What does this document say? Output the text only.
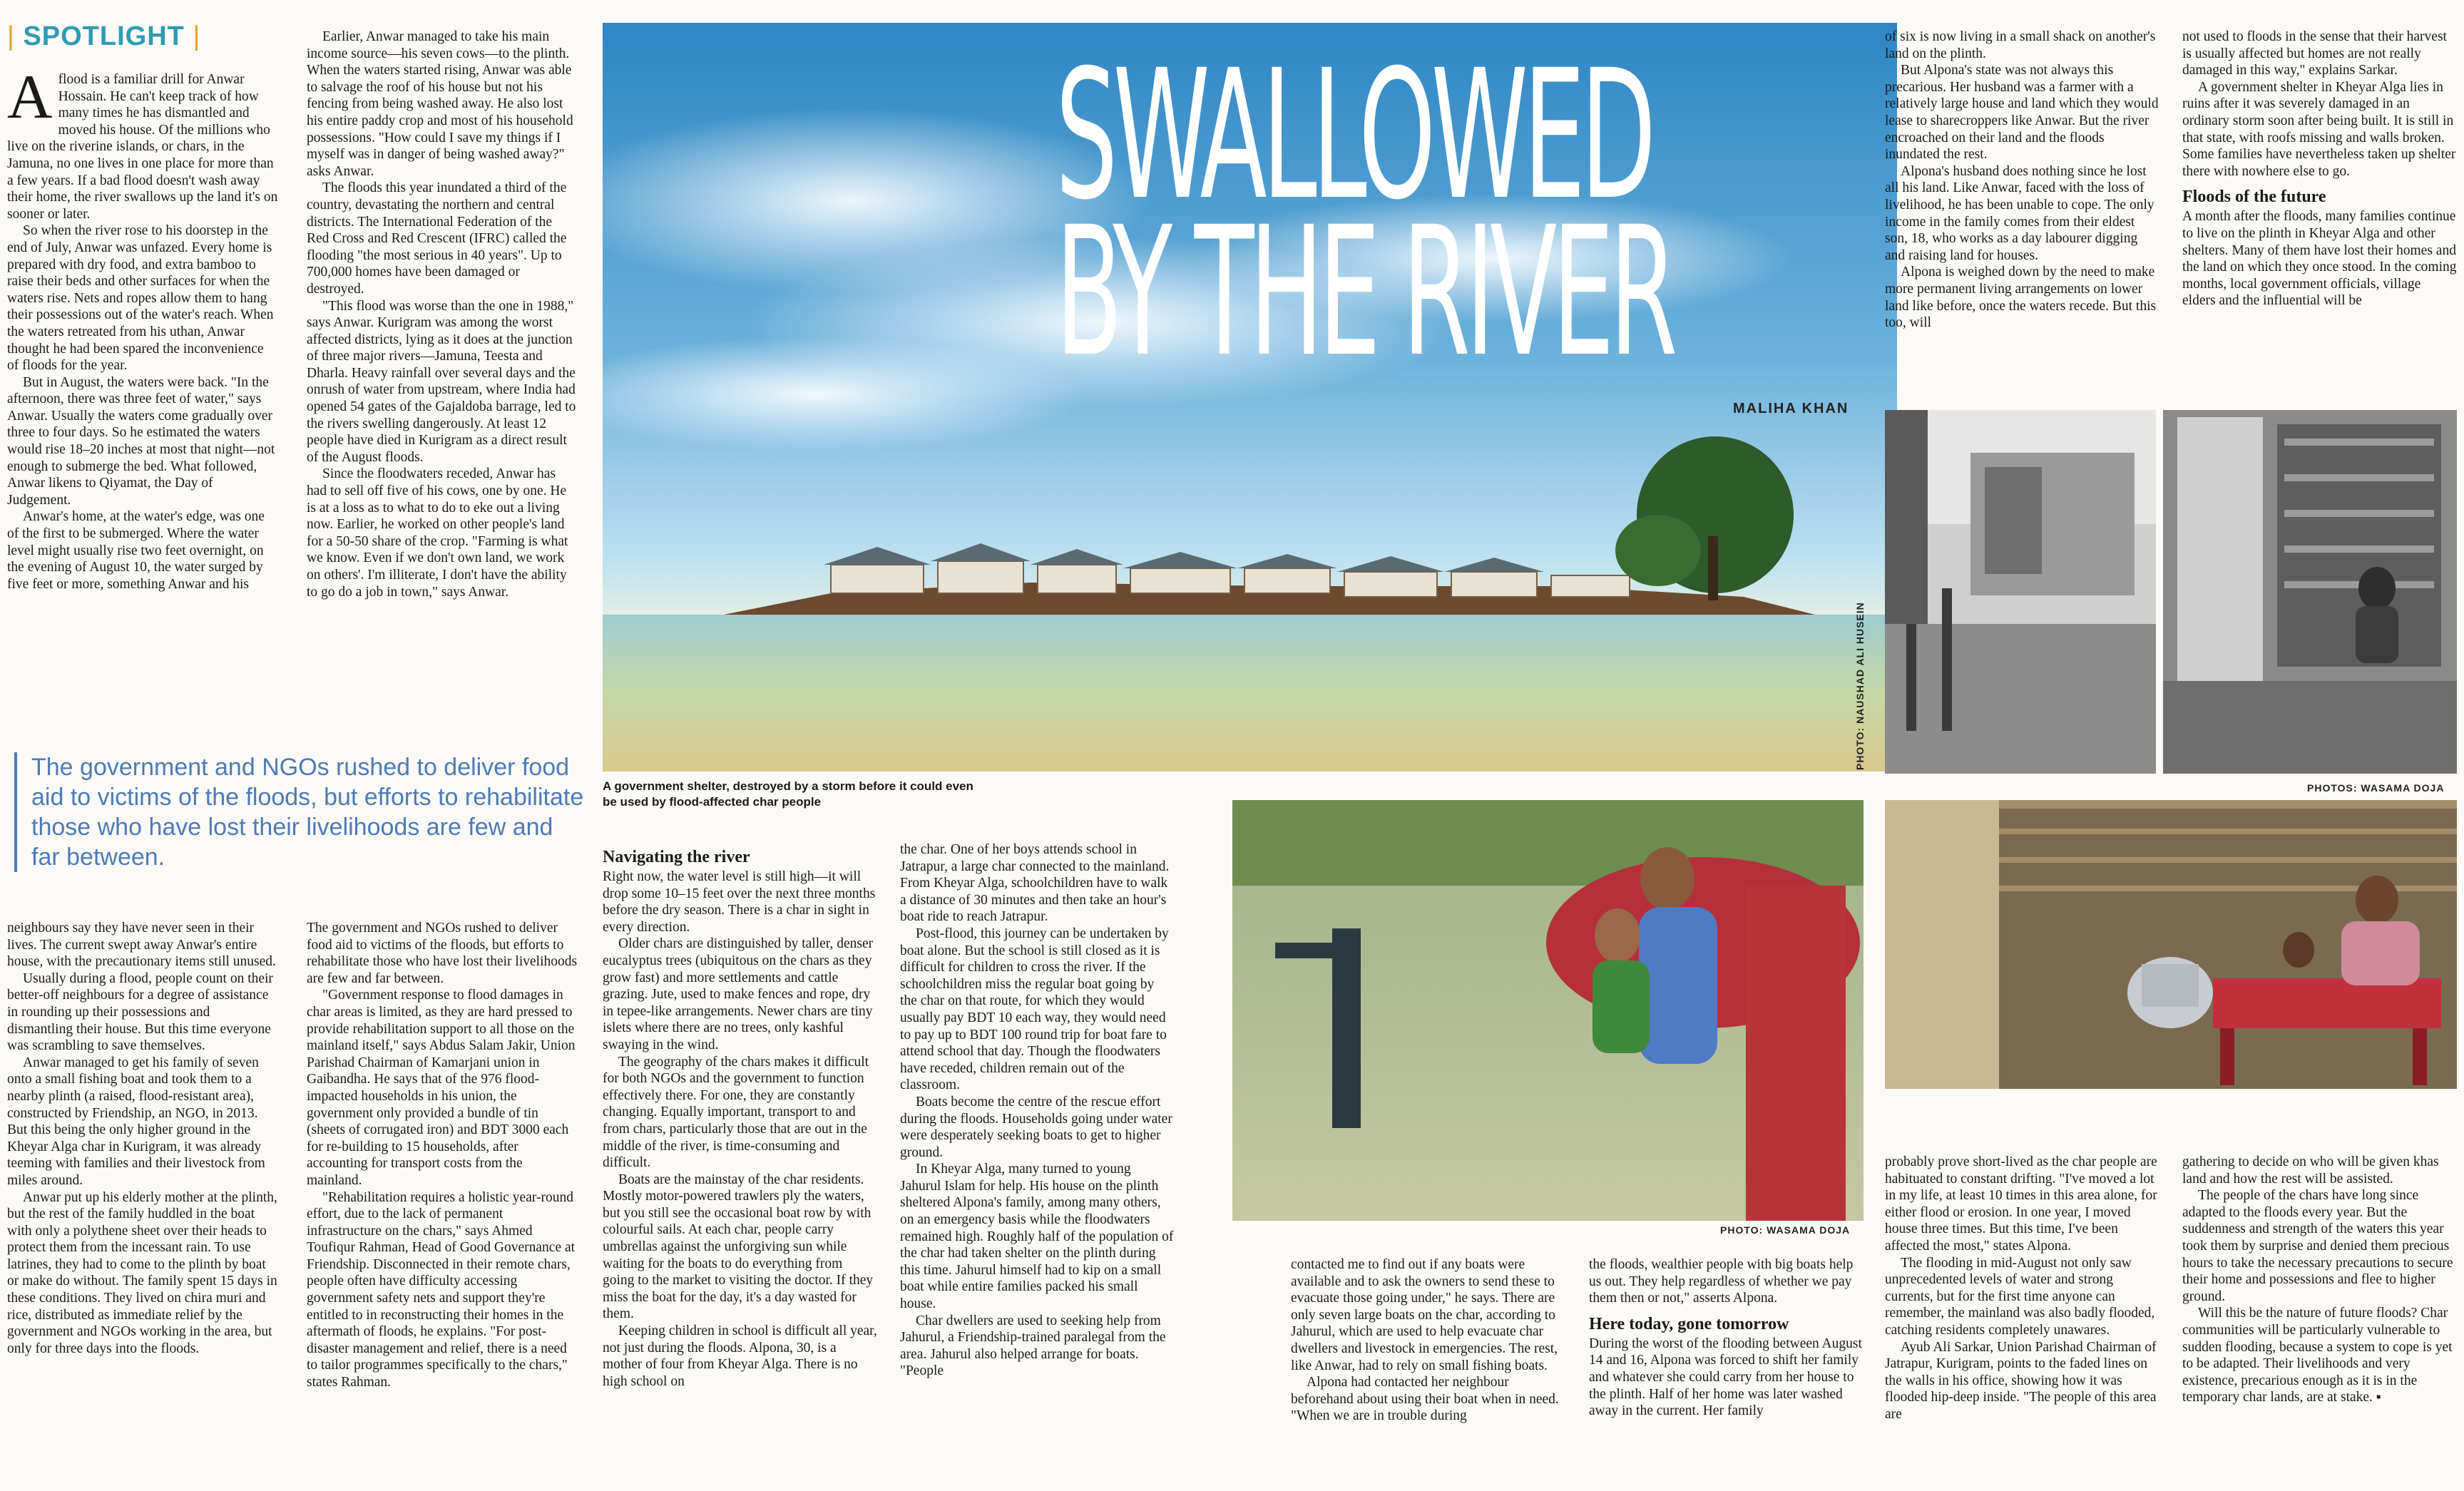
| SPOTLIGHT |

Aflood is a familiar drill for Anwar Hossain. He can't keep track of how many times he has dismantled and moved his house. Of the millions who live on the riverine islands, or chars, in the Jamuna, no one lives in one place for more than a few years. If a bad flood doesn't wash away their home, the river swallows up the land it's on sooner or later.

So when the river rose to his doorstep in the end of July, Anwar was unfazed. Every home is prepared with dry food, and extra bamboo to raise their beds and other surfaces for when the waters rise. Nets and ropes allow them to hang their possessions out of the water's reach. When the waters retreated from his uthan, Anwar thought he had been spared the inconvenience of floods for the year.

But in August, the waters were back. "In the afternoon, there was three feet of water," says Anwar. Usually the waters come gradually over three to four days. So he estimated the waters would rise 18–20 inches at most that night—not enough to submerge the bed. What followed, Anwar likens to Qiyamat, the Day of Judgement.

Anwar's home, at the water's edge, was one of the first to be submerged. Where the water level might usually rise two feet overnight, on the evening of August 10, the water surged by five feet or more, something Anwar and his

Earlier, Anwar managed to take his main income source—his seven cows—to the plinth. When the waters started rising, Anwar was able to salvage the roof of his house but not his fencing from being washed away. He also lost his entire paddy crop and most of his household possessions. "How could I save my things if I myself was in danger of being washed away?" asks Anwar.

The floods this year inundated a third of the country, devastating the northern and central districts. The International Federation of the Red Cross and Red Crescent (IFRC) called the flooding "the most serious in 40 years". Up to 700,000 homes have been damaged or destroyed.

"This flood was worse than the one in 1988," says Anwar. Kurigram was among the worst affected districts, lying as it does at the junction of three major rivers—Jamuna, Teesta and Dharla. Heavy rainfall over several days and the onrush of water from upstream, where India had opened 54 gates of the Gajaldoba barrage, led to the rivers swelling dangerously. At least 12 people have died in Kurigram as a direct result of the August floods.

Since the floodwaters receded, Anwar has had to sell off five of his cows, one by one. He is at a loss as to what to do to eke out a living now. Earlier, he worked on other people's land for a 50-50 share of the crop. "Farming is what we know. Even if we don't own land, we work on others'. I'm illiterate, I don't have the ability to go do a job in town," says Anwar.

The government and NGOs rushed to deliver food aid to victims of the floods, but efforts to rehabilitate those who have lost their livelihoods are few and far between.

neighbours say they have never seen in their lives. The current swept away Anwar's entire house, with the precautionary items still unused.

Usually during a flood, people count on their better-off neighbours for a degree of assistance in rounding up their possessions and dismantling their house. But this time everyone was scrambling to save themselves.

Anwar managed to get his family of seven onto a small fishing boat and took them to a nearby plinth (a raised, flood-resistant area), constructed by Friendship, an NGO, in 2013. But this being the only higher ground in the Kheyar Alga char in Kurigram, it was already teeming with families and their livestock from miles around.

Anwar put up his elderly mother at the plinth, but the rest of the family huddled in the boat with only a polythene sheet over their heads to protect them from the incessant rain. To use latrines, they had to come to the plinth by boat or make do without. The family spent 15 days in these conditions. They lived on chira muri and rice, distributed as immediate relief by the government and NGOs working in the area, but only for three days into the floods.

The government and NGOs rushed to deliver food aid to victims of the floods, but efforts to rehabilitate those who have lost their livelihoods are few and far between.

"Government response to flood damages in char areas is limited, as they are hard pressed to provide rehabilitation support to all those on the mainland itself," says Abdus Salam Jakir, Union Parishad Chairman of Kamarjani union in Gaibandha. He says that of the 976 flood-impacted households in his union, the government only provided a bundle of tin (sheets of corrugated iron) and BDT 3000 each for re-building to 15 households, after accounting for transport costs from the mainland.

"Rehabilitation requires a holistic year-round effort, due to the lack of permanent infrastructure on the chars," says Ahmed Toufiqur Rahman, Head of Good Governance at Friendship. Disconnected in their remote chars, people often have difficulty accessing government safety nets and support they're entitled to in reconstructing their homes in the aftermath of floods, he explains. "For post-disaster management and relief, there is a need to tailor programmes specifically to the chars," states Rahman.

SWALLOWED
BY THE RIVER
MALIHA KHAN
PHOTO: NAUSHAD ALI HUSEIN
A government shelter, destroyed by a storm before it could even be used by flood-affected char people
Navigating the river

Right now, the water level is still high—it will drop some 10–15 feet over the next three months before the dry season. There is a char in sight in every direction.

Older chars are distinguished by taller, denser eucalyptus trees (ubiquitous on the chars as they grow fast) and more settlements and cattle grazing. Jute, used to make fences and rope, dry in tepee-like arrangements. Newer chars are tiny islets where there are no trees, only kashful swaying in the wind.

The geography of the chars makes it difficult for both NGOs and the government to function effectively there. For one, they are constantly changing. Equally important, transport to and from chars, particularly those that are out in the middle of the river, is time-consuming and difficult.

Boats are the mainstay of the char residents. Mostly motor-powered trawlers ply the waters, but you still see the occasional boat row by with colourful sails. At each char, people carry umbrellas against the unforgiving sun while waiting for the boats to do everything from going to the market to visiting the doctor. If they miss the boat for the day, it's a day wasted for them.

Keeping children in school is difficult all year, not just during the floods. Alpona, 30, is a mother of four from Kheyar Alga. There is no high school on

the char. One of her boys attends school in Jatrapur, a large char connected to the mainland. From Kheyar Alga, schoolchildren have to walk a distance of 30 minutes and then take an hour's boat ride to reach Jatrapur.

Post-flood, this journey can be undertaken by boat alone. But the school is still closed as it is difficult for children to cross the river. If the schoolchildren miss the regular boat going by the char on that route, for which they would usually pay BDT 10 each way, they would need to pay up to BDT 100 round trip for boat fare to attend school that day. Though the floodwaters have receded, children remain out of the classroom.

Boats become the centre of the rescue effort during the floods. Households going under water were desperately seeking boats to get to higher ground.

In Kheyar Alga, many turned to young Jahurul Islam for help. His house on the plinth sheltered Alpona's family, among many others, on an emergency basis while the floodwaters remained high. Roughly half of the population of the char had taken shelter on the plinth during this time. Jahurul himself had to kip on a small boat while entire families packed his small house.

Char dwellers are used to seeking help from Jahurul, a Friendship-trained paralegal from the area. Jahurul also helped arrange for boats. "People

PHOTO: WASAMA DOJA

contacted me to find out if any boats were available and to ask the owners to send these to evacuate those going under," he says. There are only seven large boats on the char, according to Jahurul, which are used to help evacuate char dwellers and livestock in emergencies. The rest, like Anwar, had to rely on small fishing boats.

Alpona had contacted her neighbour beforehand about using their boat when in need. "When we are in trouble during

the floods, wealthier people with big boats help us out. They help regardless of whether we pay them then or not," asserts Alpona.

Here today, gone tomorrow

During the worst of the flooding between August 14 and 16, Alpona was forced to shift her family and whatever she could carry from her house to the plinth. Half of her home was later washed away in the current. Her family

of six is now living in a small shack on another's land on the plinth.

But Alpona's state was not always this precarious. Her husband was a farmer with a relatively large house and land which they would lease to sharecroppers like Anwar. But the river encroached on their land and the floods inundated the rest.

Alpona's husband does nothing since he lost all his land. Like Anwar, faced with the loss of livelihood, he has been unable to cope. The only income in the family comes from their eldest son, 18, who works as a day labourer digging and raising land for houses.

Alpona is weighed down by the need to make more permanent living arrangements on lower land like before, once the waters recede. But this too, will

not used to floods in the sense that their harvest is usually affected but homes are not really damaged in this way," explains Sarkar.

A government shelter in Kheyar Alga lies in ruins after it was severely damaged in an ordinary storm soon after being built. It is still in that state, with roofs missing and walls broken. Some families have nevertheless taken up shelter there with nowhere else to go.

Floods of the future

A month after the floods, many families continue to live on the plinth in Kheyar Alga and other shelters. Many of them have lost their homes and the land on which they once stood. In the coming months, local government officials, village elders and the influential will be

PHOTOS: WASAMA DOJA

probably prove short-lived as the char people are habituated to constant drifting. "I've moved a lot in my life, at least 10 times in this area alone, for either flood or erosion. In one year, I moved house three times. But this time, I've been affected the most," states Alpona.

The flooding in mid-August not only saw unprecedented levels of water and strong currents, but for the first time anyone can remember, the mainland was also badly flooded, catching residents completely unawares.

Ayub Ali Sarkar, Union Parishad Chairman of Jatrapur, Kurigram, points to the faded lines on the walls in his office, showing how it was flooded hip-deep inside. "The people of this area are

gathering to decide on who will be given khas land and how the rest will be assisted.

The people of the chars have long since adapted to the floods every year. But the suddenness and strength of the waters this year took them by surprise and denied them precious hours to take the necessary precautions to secure their home and possessions and flee to higher ground.

Will this be the nature of future floods? Char communities will be particularly vulnerable to sudden flooding, because a system to cope is yet to be adapted. Their livelihoods and very existence, precarious enough as it is in the temporary char lands, are at stake. ▪
